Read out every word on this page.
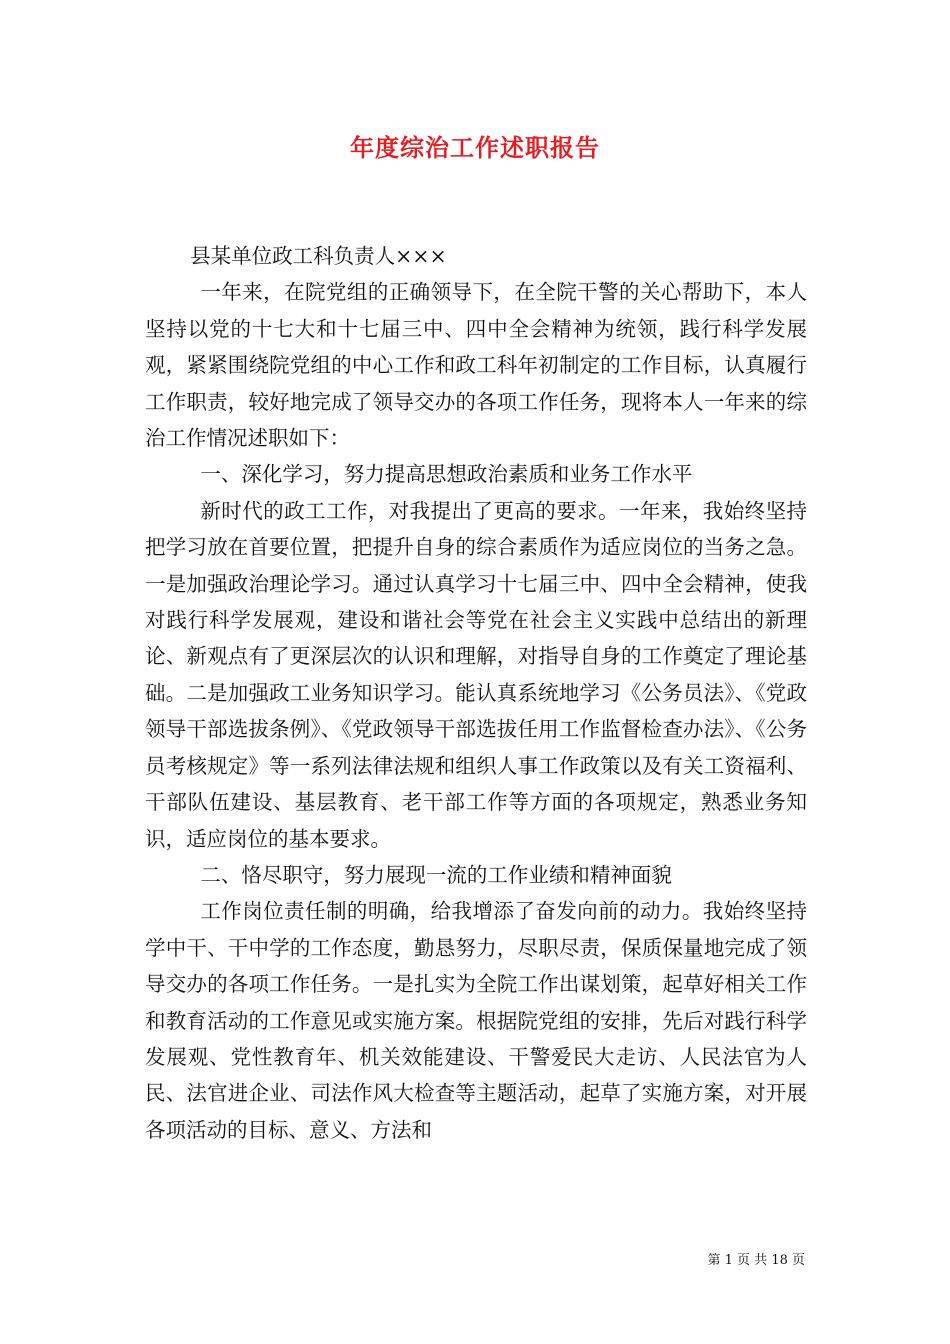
年度综治工作述职报告

县某单位政工科负责人×××

一年来，在院党组的正确领导下，在全院干警的关心帮助下，本人坚持以党的十七大和十七届三中、四中全会精神为统领，践行科学发展观，紧紧围绕院党组的中心工作和政工科年初制定的工作目标，认真履行工作职责，较好地完成了领导交办的各项工作任务，现将本人一年来的综治工作情况述职如下：

一、深化学习，努力提高思想政治素质和业务工作水平

新时代的政工工作，对我提出了更高的要求。一年来，我始终坚持把学习放在首要位置，把提升自身的综合素质作为适应岗位的当务之急。一是加强政治理论学习。通过认真学习十七届三中、四中全会精神，使我对践行科学发展观，建设和谐社会等党在社会主义实践中总结出的新理论、新观点有了更深层次的认识和理解，对指导自身的工作奠定了理论基础。二是加强政工业务知识学习。能认真系统地学习《公务员法》、《党政领导干部选拔条例》、《党政领导干部选拔任用工作监督检查办法》、《公务员考核规定》等一系列法律法规和组织人事工作政策以及有关工资福利、干部队伍建设、基层教育、老干部工作等方面的各项规定，熟悉业务知识，适应岗位的基本要求。

二、恪尽职守，努力展现一流的工作业绩和精神面貌

工作岗位责任制的明确，给我增添了奋发向前的动力。我始终坚持学中干、干中学的工作态度，勤恳努力，尽职尽责，保质保量地完成了领导交办的各项工作任务。一是扎实为全院工作出谋划策，起草好相关工作和教育活动的工作意见或实施方案。根据院党组的安排，先后对践行科学发展观、党性教育年、机关效能建设、干警爱民大走访、人民法官为人民、法官进企业、司法作风大检查等主题活动，起草了实施方案，对开展各项活动的目标、意义、方法和

第 1 页 共 18 页
